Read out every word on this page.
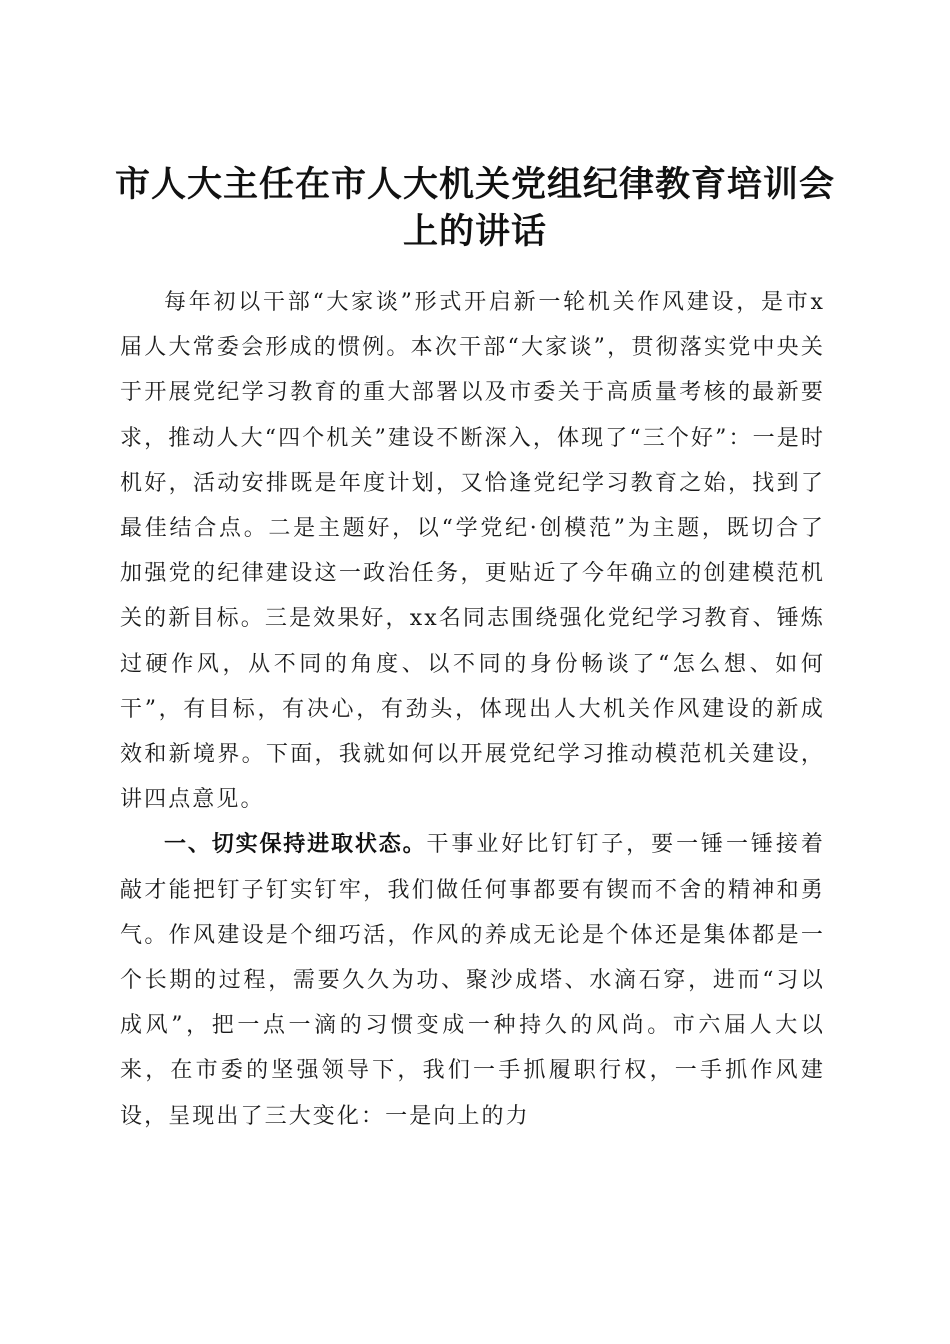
市人大主任在市人大机关党组纪律教育培训会上的讲话

每年初以干部“大家谈”形式开启新一轮机关作风建设，是市x届人大常委会形成的惯例。本次干部“大家谈”，贯彻落实党中央关于开展党纪学习教育的重大部署以及市委关于高质量考核的最新要求，推动人大“四个机关”建设不断深入，体现了“三个好”：一是时机好，活动安排既是年度计划，又恰逢党纪学习教育之始，找到了最佳结合点。二是主题好，以“学党纪·创模范”为主题，既切合了加强党的纪律建设这一政治任务，更贴近了今年确立的创建模范机关的新目标。三是效果好，xx名同志围绕强化党纪学习教育、锤炼过硬作风，从不同的角度、以不同的身份畅谈了“怎么想、如何干”，有目标，有决心，有劲头，体现出人大机关作风建设的新成效和新境界。下面，我就如何以开展党纪学习推动模范机关建设，讲四点意见。

一、切实保持进取状态。干事业好比钉钉子，要一锤一锤接着敲才能把钉子钉实钉牢，我们做任何事都要有锲而不舍的精神和勇气。作风建设是个细巧活，作风的养成无论是个体还是集体都是一个长期的过程，需要久久为功、聚沙成塔、水滴石穿，进而“习以成风”，把一点一滴的习惯变成一种持久的风尚。市六届人大以来，在市委的坚强领导下，我们一手抓履职行权，一手抓作风建设，呈现出了三大变化：一是向上的力
